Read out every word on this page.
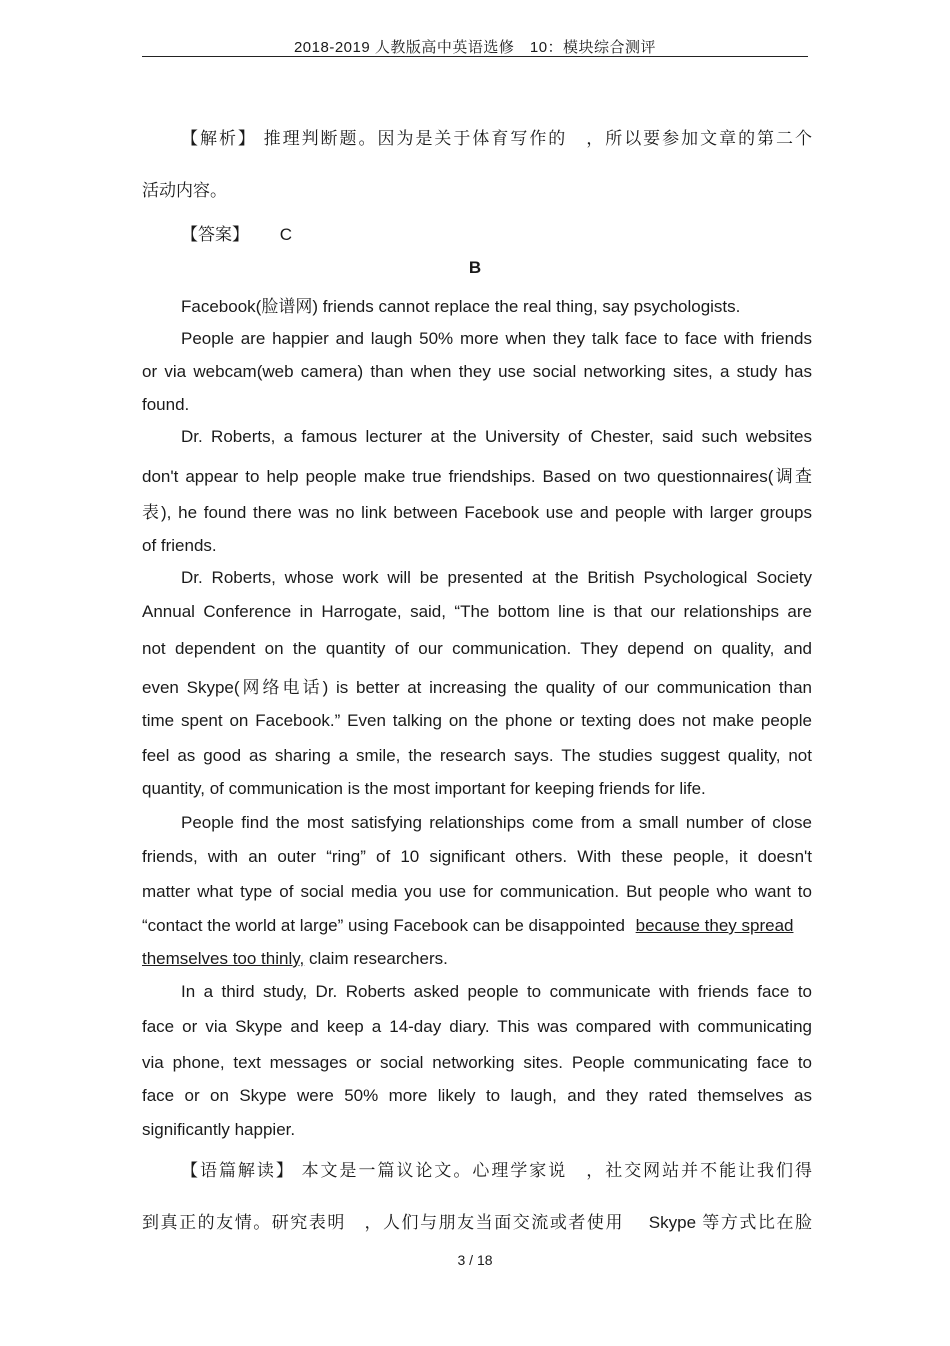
2018-2019 人教版高中英语选修　10：模块综合测评
【解析】 推理判断题。因为是关于体育写作的　，所以要参加文章的第二个
活动内容。
【答案】 C
B
Facebook(脸谱网) friends cannot replace the real thing, say psychologists.
People are happier and laugh 50% more when they talk face to face with friends
or via webcam(web camera) than when they use social networking sites, a study has
found.
Dr. Roberts, a famous lecturer at the University of Chester, said such websites
don't appear to help people make true friendships. Based on two questionnaires(调查
表), he found there was no link between Facebook use and people with larger groups
of friends.
Dr. Roberts, whose work will be presented at the British Psychological Society
Annual Conference in Harrogate, said, “The bottom line is that our relationships are
not dependent on the quantity of our communication. They depend on quality, and
even Skype(网络电话) is better at increasing the quality of our communication than
time spent on Facebook.” Even talking on the phone or texting does not make people
feel as good as sharing a smile, the research says. The studies suggest quality, not
quantity, of communication is the most important for keeping friends for life.
People find the most satisfying relationships come from a small number of close
friends, with an outer “ring” of 10 significant others. With these people, it doesn't
matter what type of social media you use for communication. But people who want to
“contact the world at large” using Facebook can be disappointed because they spread
themselves too thinly, claim researchers.
In a third study, Dr. Roberts asked people to communicate with friends face to
face or via Skype and keep a 14-day diary. This was compared with communicating
via phone, text messages or social networking sites. People communicating face to
face or on Skype were 50% more likely to laugh, and they rated themselves as
significantly happier.
【语篇解读】 本文是一篇议论文。心理学家说　，社交网站并不能让我们得
到真正的友情。研究表明　，人们与朋友当面交流或者使用　 Skype 等方式比在脸
3 / 18
